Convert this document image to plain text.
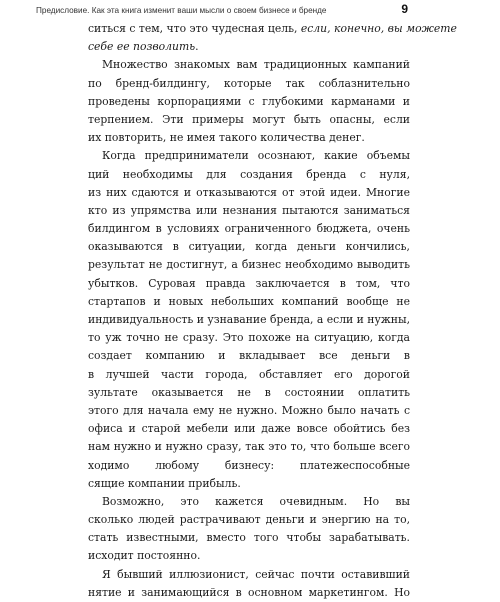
Предисловие. Как эта книга изменит ваши мысли о своем бизнесе и бренде	9
ситься с тем, что это чудесная цель, если, конечно, вы можете
себе ее позволить.
Множество знакомых вам традиционных кампаний
по бренд-билдингу, которые так соблазнительно
проведены корпорациями с глубокими карманами и
терпением. Эти примеры могут быть опасны, если
их повторить, не имея такого количества денег.
Когда предприниматели осознают, какие объемы
ций необходимы для создания бренда с нуля,
из них сдаются и отказываются от этой идеи. Многие
кто из упрямства или незнания пытаются заниматься
билдингом в условиях ограниченного бюджета, очень
оказываются в ситуации, когда деньги кончились,
результат не достигнут, а бизнес необходимо выводить
убытков. Суровая правда заключается в том, что
стартапов и новых небольших компаний вообще не
индивидуальность и узнавание бренда, а если и нужны,
то уж точно не сразу. Это похоже на ситуацию, когда
создает компанию и вкладывает все деньги в
в лучшей части города, обставляет его дорогой
зультате оказывается не в состоянии оплатить
этого для начала ему не нужно. Можно было начать с
офиса и старой мебели или даже вовсе обойтись без
нам нужно и нужно сразу, так это то, что больше всего
ходимо любому бизнесу: платежеспособные
сящие компании прибыль.
Возможно, это кажется очевидным. Но вы
сколько людей растрачивают деньги и энергию на то,
стать известными, вместо того чтобы зарабатывать.
исходит постоянно.
Я бывший иллюзионист, сейчас почти оставивший
нятие и занимающийся в основном маркетингом. Но
